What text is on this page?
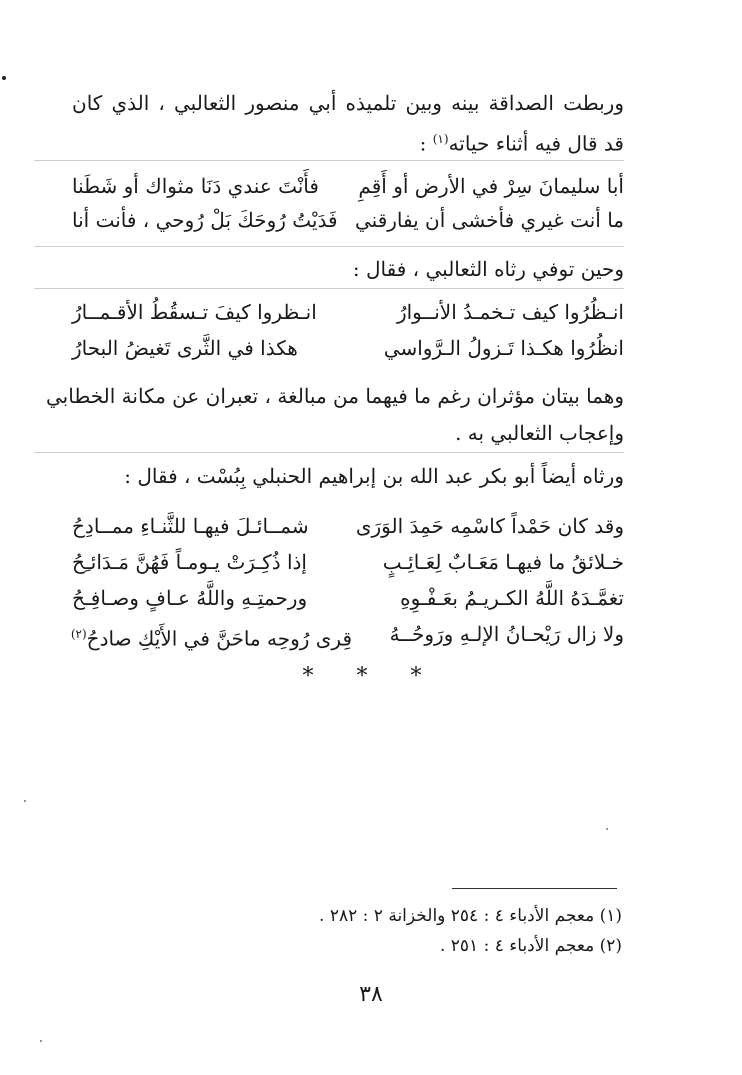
وربطت الصداقة بينه وبين تلميذه أبي منصور الثعالبي ، الذي كان
قد قال فيه أثناء حياته$^{(١)}$ :
أبا سليمانَ سِرْ في الأرض أو أَقِمِ
فأَنْتَ عندي دَنَا مثواك أو شَطَنا
ما أنت غيري فأخشى أن يفارقني
فَدَيْتُ رُوحَكَ بَلْ رُوحي ، فأنت أنا
وحين توفي رثاه الثعالبي ، فقال :
انـظُرُوا كيف تـخمـدُ الأنــوارُ
انـظروا كيفَ تـسقُطُ الأقـمــارُ
انظُرُوا هكـذا تَـزولُ الـرَّواسي
هكذا في الثَّرى تَغيضُ البحارُ
وهما بيتان مؤثران رغم ما فيهما من مبالغة ، تعبران عن مكانة الخطابي
وإعجاب الثعالبي به .
ورثاه أيضاً أبو بكر عبد الله بن إبراهيم الحنبلي بِبُسْت ، فقال :
وقد كان حَمْداً كاسْمِه حَمِدَ الوَرَى
شمــائـلَ فيهـا للثَّنـاءِ ممــادِحُ
خـلائقُ ما فيهـا مَعَـابٌ لِعَـائِـبٍ
إذا ذُكِـرَتْ يـومـاً فَهُنَّ مَـدَائـِحُ
تغمَّـدَهُ اللَّهُ الكـريـمُ بعَـفْـوِهِ
ورحمتِـهِ واللَّهُ عـافٍ وصـافِـحُ
ولا زال رَيْحـانُ الإلـهِ ورَوحُــهُ
قِرى رُوحِه ماحَنَّ في الأَيْكِ صادحُ$^{(٢)}$
* * *
(١) معجم الأدباء ٤ : ٢٥٤ والخزانة ٢ : ٢٨٢ .
(٢) معجم الأدباء ٤ : ٢٥١ .
٣٨
